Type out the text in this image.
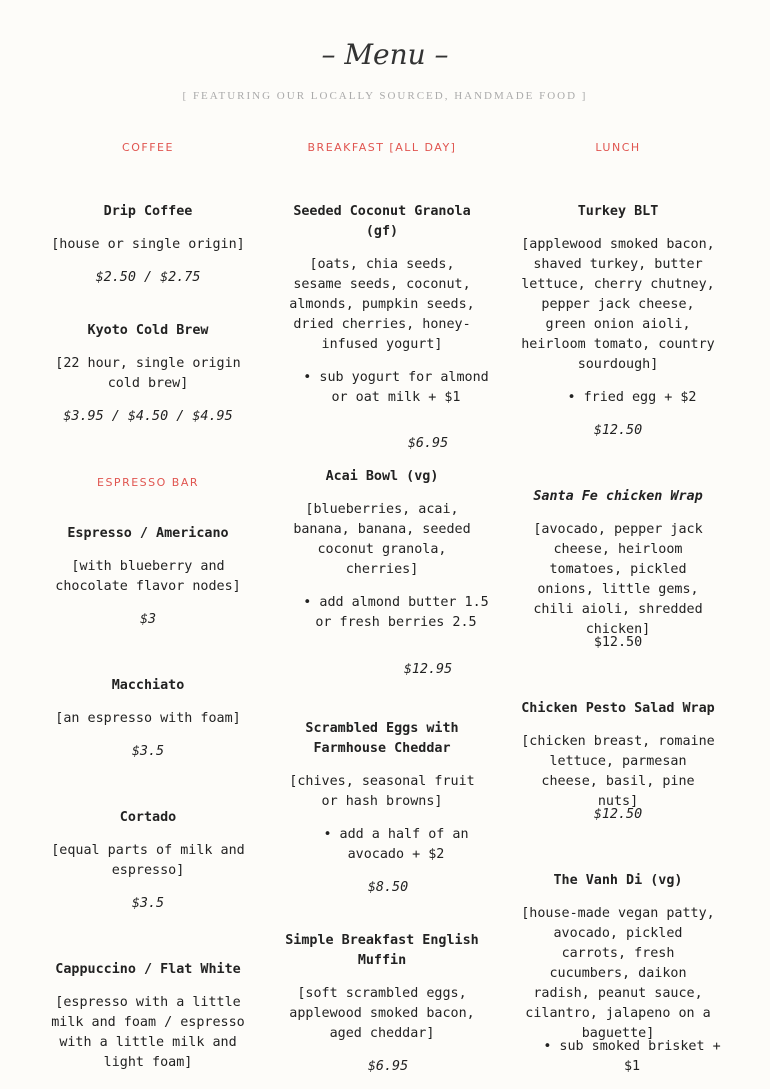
– Menu –

[ FEATURING OUR LOCALLY SOURCED, HANDMADE FOOD ]

COFFEE
Drip Coffee
[house or single origin]
$2.50 / $2.75
Kyoto Cold Brew
[22 hour, single origin cold brew]
$3.95 / $4.50 / $4.95
ESPRESSO BAR
Espresso / Americano
[with blueberry and chocolate flavor nodes]
$3
Macchiato
[an espresso with foam]
$3.5
Cortado
[equal parts of milk and espresso]
$3.5
Cappuccino / Flat White
[espresso with a little milk and foam / espresso with a little milk and light foam]
BREAKFAST [ALL DAY]
Seeded Coconut Granola (gf)
[oats, chia seeds, sesame seeds, coconut, almonds, pumpkin seeds, dried cherries, honey-infused yogurt]
• sub yogurt for almond or oat milk + $1
$6.95
Acai Bowl (vg)
[blueberries, acai, banana, banana, seeded coconut granola, cherries]
• add almond butter 1.5 or fresh berries 2.5
$12.95
Scrambled Eggs with Farmhouse Cheddar
[chives, seasonal fruit or hash browns]
• add a half of an avocado + $2
$8.50
Simple Breakfast English Muffin
[soft scrambled eggs, applewood smoked bacon, aged cheddar]
$6.95
LUNCH
Turkey BLT
[applewood smoked bacon, shaved turkey, butter lettuce, cherry chutney, pepper jack cheese, green onion aioli, heirloom tomato, country sourdough]
• fried egg + $2
$12.50
Santa Fe chicken Wrap
[avocado, pepper jack cheese, heirloom tomatoes, pickled onions, little gems, chili aioli, shredded chicken]
$12.50
Chicken Pesto Salad Wrap
[chicken breast, romaine lettuce, parmesan cheese, basil, pine nuts]
$12.50
The Vanh Di (vg)
[house-made vegan patty, avocado, pickled carrots, fresh cucumbers, daikon radish, peanut sauce, cilantro, jalapeno on a baguette]
• sub smoked brisket + $1
